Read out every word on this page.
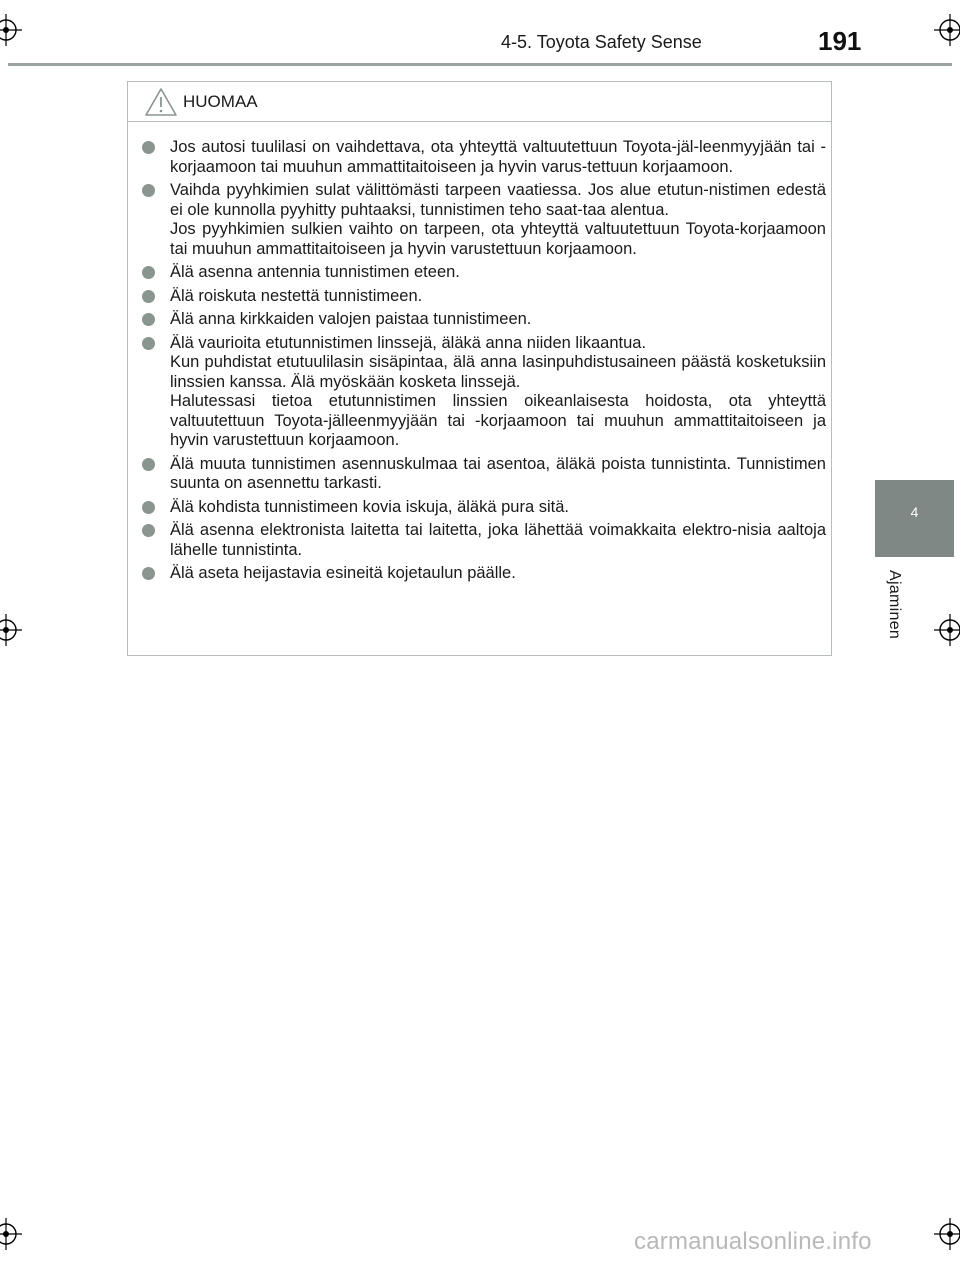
4-5. Toyota Safety Sense	191
4
Ajaminen
HUOMAA

Jos autosi tuulilasi on vaihdettava, ota yhteyttä valtuutettuun Toyota-jäl-leenmyyjään tai -korjaamoon tai muuhun ammattitaitoiseen ja hyvin varus-tettuun korjaamoon.

Vaihda pyyhkimien sulat välittömästi tarpeen vaatiessa. Jos alue etutun-nistimen edestä ei ole kunnolla pyyhitty puhtaaksi, tunnistimen teho saat-taa alentua.

Jos pyyhkimien sulkien vaihto on tarpeen, ota yhteyttä valtuutettuun Toyota-korjaamoon tai muuhun ammattitaitoiseen ja hyvin varustettuun korjaamoon.

Älä asenna antennia tunnistimen eteen.

Älä roiskuta nestettä tunnistimeen.

Älä anna kirkkaiden valojen paistaa tunnistimeen.

Älä vaurioita etutunnistimen linssejä, äläkä anna niiden likaantua.

Kun puhdistat etutuulilasin sisäpintaa, älä anna lasinpuhdistusaineen päästä kosketuksiin linssien kanssa. Älä myöskään kosketa linssejä.

Halutessasi tietoa etutunnistimen linssien oikeanlaisesta hoidosta, ota yhteyttä valtuutettuun Toyota-jälleenmyyjään tai -korjaamoon tai muuhun ammattitaitoiseen ja hyvin varustettuun korjaamoon.

Älä muuta tunnistimen asennuskulmaa tai asentoa, äläkä poista tunnistinta. Tunnistimen suunta on asennettu tarkasti.

Älä kohdista tunnistimeen kovia iskuja, äläkä pura sitä.

Älä asenna elektronista laitetta tai laitetta, joka lähettää voimakkaita elektro-nisia aaltoja lähelle tunnistinta.

Älä aseta heijastavia esineitä kojetaulun päälle.

carmanualsonline.info
